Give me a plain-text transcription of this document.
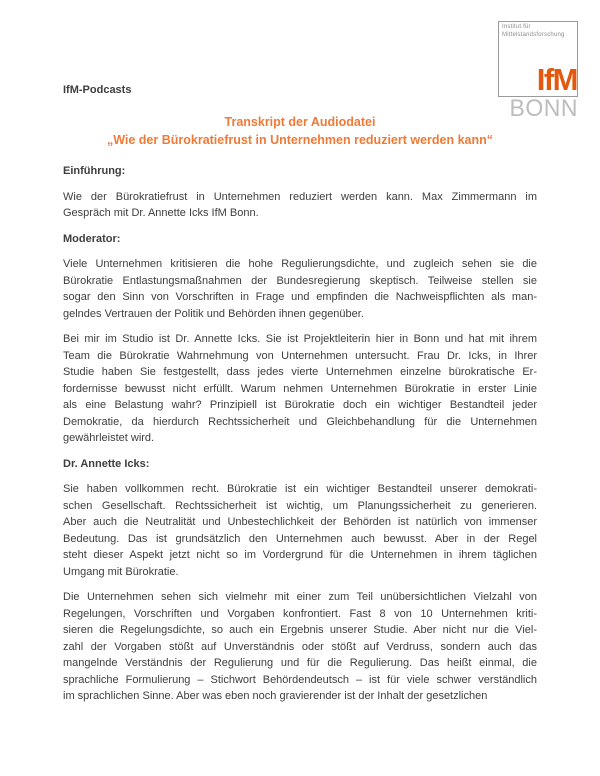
Institut für
Mittelstandsforschung
IfM
BONN
IfM-Podcasts
Transkript der Audiodatei
„Wie der Bürokratiefrust in Unternehmen reduziert werden kann“
Einführung:
Wie der Bürokratiefrust in Unternehmen reduziert werden kann. Max Zimmermann im
Gespräch mit Dr. Annette Icks IfM Bonn.
Moderator:
Viele Unternehmen kritisieren die hohe Regulierungsdichte, und zugleich sehen sie die
Bürokratie Entlastungsmaßnahmen der Bundesregierung skeptisch. Teilweise stellen sie
sogar den Sinn von Vorschriften in Frage und empfinden die Nachweispflichten als man-
gelndes Vertrauen der Politik und Behörden ihnen gegenüber.
Bei mir im Studio ist Dr. Annette Icks. Sie ist Projektleiterin hier in Bonn und hat mit ihrem
Team die Bürokratie Wahrnehmung von Unternehmen untersucht. Frau Dr. Icks, in Ihrer
Studie haben Sie festgestellt, dass jedes vierte Unternehmen einzelne bürokratische Er-
fordernisse bewusst nicht erfüllt. Warum nehmen Unternehmen Bürokratie in erster Linie
als eine Belastung wahr? Prinzipiell ist Bürokratie doch ein wichtiger Bestandteil jeder
Demokratie, da hierdurch Rechtssicherheit und Gleichbehandlung für die Unternehmen
gewährleistet wird.
Dr. Annette Icks:
Sie haben vollkommen recht. Bürokratie ist ein wichtiger Bestandteil unserer demokrati-
schen Gesellschaft. Rechtssicherheit ist wichtig, um Planungssicherheit zu generieren.
Aber auch die Neutralität und Unbestechlichkeit der Behörden ist natürlich von immenser
Bedeutung. Das ist grundsätzlich den Unternehmen auch bewusst. Aber in der Regel
steht dieser Aspekt jetzt nicht so im Vordergrund für die Unternehmen in ihrem täglichen
Umgang mit Bürokratie.
Die Unternehmen sehen sich vielmehr mit einer zum Teil unübersichtlichen Vielzahl von
Regelungen, Vorschriften und Vorgaben konfrontiert. Fast 8 von 10 Unternehmen kriti-
sieren die Regelungsdichte, so auch ein Ergebnis unserer Studie. Aber nicht nur die Viel-
zahl der Vorgaben stößt auf Unverständnis oder stößt auf Verdruss, sondern auch das
mangelnde Verständnis der Regulierung und für die Regulierung. Das heißt einmal, die
sprachliche Formulierung – Stichwort Behördendeutsch – ist für viele schwer verständlich
im sprachlichen Sinne. Aber was eben noch gravierender ist der Inhalt der gesetzlichen
